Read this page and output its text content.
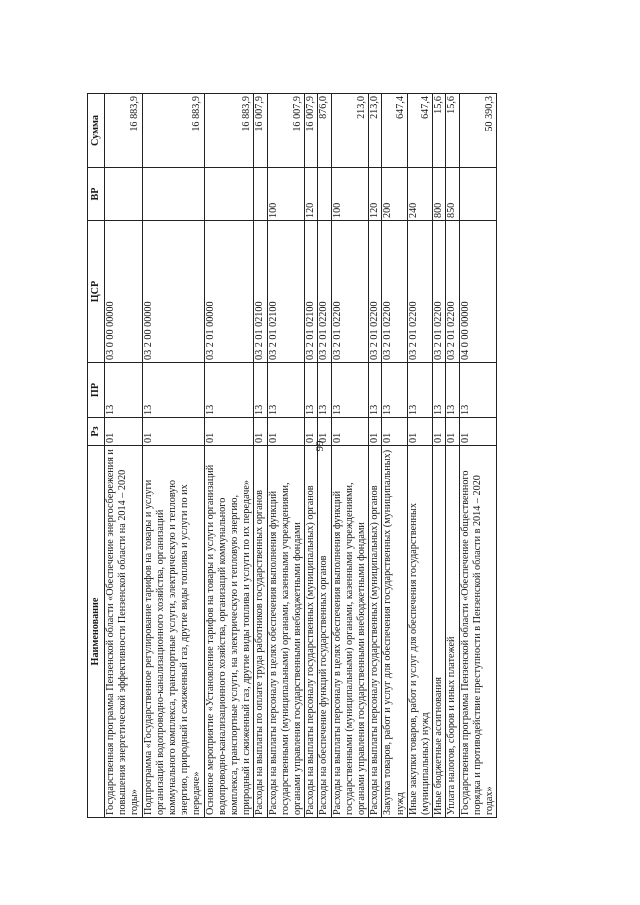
99
Наименование	Рз	ПР	ЦСР	ВР	Сумма
Государственная программа Пензенской области «Обеспечение энергосбережения и повышения энергетической эффективности Пензенской области на 2014 – 2020 годы»	01	13	03 0 00 00000		16 883,9
Подпрограмма «Государственное регулирование тарифов на товары и услуги организаций водопроводно-канализационного хозяйства, организаций коммунального комплекса, транспортные услуги, электрическую и тепловую энергию, природный и сжиженный газ, другие виды топлива и услуги по их передаче»	01	13	03 2 00 00000		16 883,9
Основное мероприятие «Установление тарифов на товары и услуги организаций водопроводно-канализационного хозяйства, организаций коммунального комплекса, транспортные услуги, на электрическую и тепловую энергию, природный и сжиженный газ, другие виды топлива и услуги по их передаче»	01	13	03 2 01 00000		16 883,9
Расходы на выплаты по оплате труда работников государственных органов	01	13	03 2 01 02100		16 007,9
Расходы на выплаты персоналу в целях обеспечения выполнения функций государственными (муниципальными) органами, казенными учреждениями, органами управления государственными внебюджетными фондами	01	13	03 2 01 02100	100	16 007,9
Расходы на выплаты персоналу государственных (муниципальных) органов	01	13	03 2 01 02100	120	16 007,9
Расходы на обеспечение функций государственных органов	01	13	03 2 01 02200		876,0
Расходы на выплаты персоналу в целях обеспечения выполнения функций государственными (муниципальными) органами, казенными учреждениями, органами управления государственными внебюджетными фондами	01	13	03 2 01 02200	100	213,0
Расходы на выплаты персоналу государственных (муниципальных) органов	01	13	03 2 01 02200	120	213,0
Закупка товаров, работ и услуг для обеспечения государственных (муниципальных) нужд	01	13	03 2 01 02200	200	647,4
Иные закупки товаров, работ и услуг для обеспечения государственных (муниципальных) нужд	01	13	03 2 01 02200	240	647,4
Иные бюджетные ассигнования	01	13	03 2 01 02200	800	15,6
Уплата налогов, сборов и иных платежей	01	13	03 2 01 02200	850	15,6
Государственная программа Пензенской области «Обеспечение общественного порядка и противодействие преступности в Пензенской области в 2014 – 2020 годах»	01	13	04 0 00 00000		50 390,3
